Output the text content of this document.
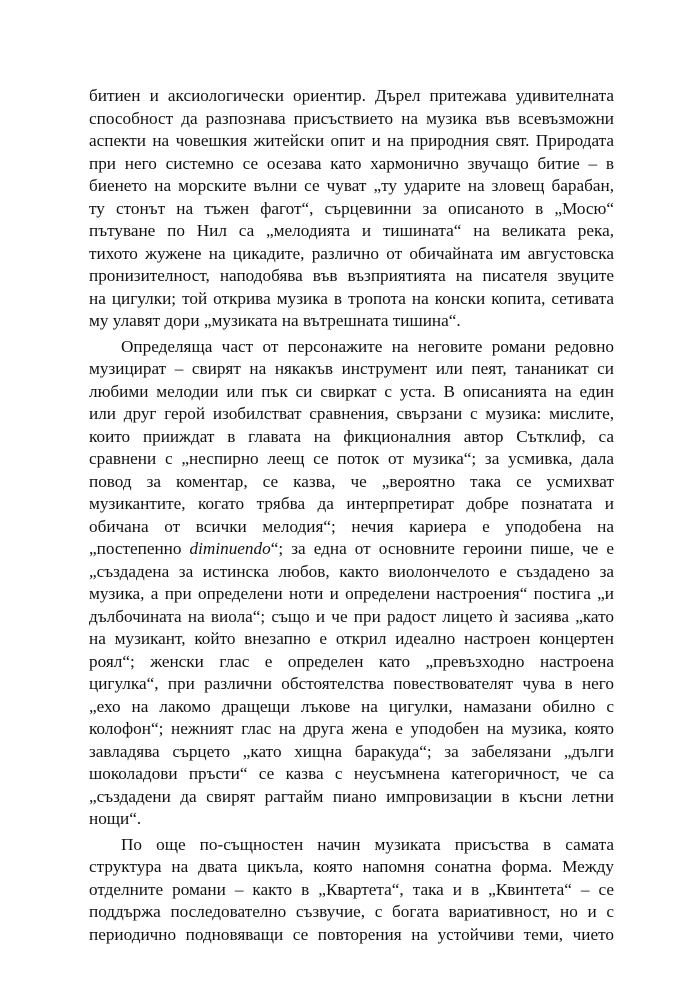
битиен и аксиологически ориентир. Дърел притежава удивителната
способност да разпознава присъствието на музика във всевъзможни
аспекти на човешкия житейски опит и на природния свят. Природата
при него системно се осезава като хармонично звучащо битие – в
биенето на морските вълни се чуват „ту ударите на зловещ барабан,
ту стонът на тъжен фагот“, сърцевинни за описаното в „Мосю“
пътуване по Нил са „мелодията и тишината“ на великата река,
тихото жужене на цикадите, различно от обичайната им августовска
пронизителност, наподобява във възприятията на писателя звуците
на цигулки; той открива музика в тропота на конски копита, сетивата
му улавят дори „музиката на вътрешната тишина“.
Определяща част от персонажите на неговите романи редовно
музицират – свирят на някакъв инструмент или пеят, тананикат си
любими мелодии или пък си свиркат с уста. В описанията на един
или друг герой изобилстват сравнения, свързани с музика: мислите,
които прииждат в главата на фикционалния автор Сътклиф, са
сравнени с „неспирно леещ се поток от музика“; за усмивка, дала
повод за коментар, се казва, че „вероятно така се усмихват
музикантите, когато трябва да интерпретират добре познатата и
обичана от всички мелодия“; нечия кариера е уподобена на
„постепенно diminuendo“; за една от основните героини пише, че е
„създадена за истинска любов, както виолончелото е създадено за
музика, а при определени ноти и определени настроения“ постига „и
дълбочината на виола“; също и че при радост лицето ѝ засиява „като
на музикант, който внезапно е открил идеално настроен концертен
роял“; женски глас е определен като „превъзходно настроена
цигулка“, при различни обстоятелства повествователят чува в него
„ехо на лакомо дращещи лъкове на цигулки, намазани обилно с
колофон“; нежният глас на друга жена е уподобен на музика, която
завладява сърцето „като хищна баракуда“; за забелязани „дълги
шоколадови пръсти“ се казва с неусъмнена категоричност, че са
„създадени да свирят рагтайм пиано импровизации в късни летни
нощи“.
По още по-същностен начин музиката присъства в самата
структура на двата цикъла, която напомня сонатна форма. Между
отделните романи – както в „Квартета“, така и в „Квинтета“ – се
поддържа последователно съзвучие, с богата вариативност, но и с
периодично подновяващи се повторения на устойчиви теми, чието
